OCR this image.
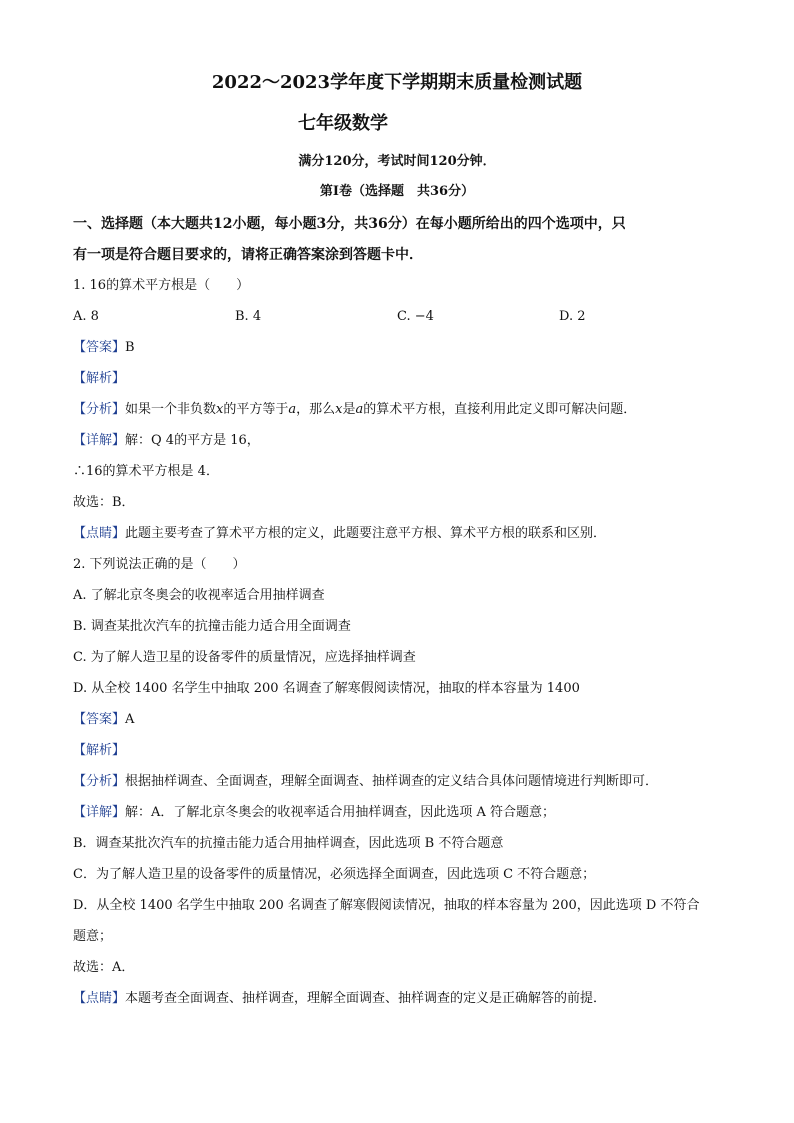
2022～2023学年度下学期期末质量检测试题
七年级数学
满分120分，考试时间120分钟．
第Ⅰ卷（选择题　共36分）
一、选择题（本大题共12小题，每小题3分，共36分）在每小题所给出的四个选项中，只
有一项是符合题目要求的，请将正确答案涂到答题卡中．
1. 16的算术平方根是（　　）
A. 8	B. 4	C. −4	D. 2
【答案】B
【解析】
【分析】如果一个非负数x的平方等于a，那么x是a的算术平方根，直接利用此定义即可解决问题．
【详解】解：Q 4的平方是 16，
∴16的算术平方根是 4．
故选：B．
【点睛】此题主要考查了算术平方根的定义，此题要注意平方根、算术平方根的联系和区别．
2. 下列说法正确的是（　　）
A. 了解北京冬奥会的收视率适合用抽样调查
B. 调查某批次汽车的抗撞击能力适合用全面调查
C. 为了解人造卫星的设备零件的质量情况，应选择抽样调查
D. 从全校 1400 名学生中抽取 200 名调查了解寒假阅读情况，抽取的样本容量为 1400
【答案】A
【解析】
【分析】根据抽样调查、全面调查，理解全面调查、抽样调查的定义结合具体问题情境进行判断即可．
【详解】解：A．了解北京冬奥会的收视率适合用抽样调查，因此选项 A 符合题意；
B．调查某批次汽车的抗撞击能力适合用抽样调查，因此选项 B 不符合题意
C．为了解人造卫星的设备零件的质量情况，必须选择全面调查，因此选项 C 不符合题意；
D．从全校 1400 名学生中抽取 200 名调查了解寒假阅读情况，抽取的样本容量为 200，因此选项 D 不符合
题意；
故选：A．
【点睛】本题考查全面调查、抽样调查，理解全面调查、抽样调查的定义是正确解答的前提．
